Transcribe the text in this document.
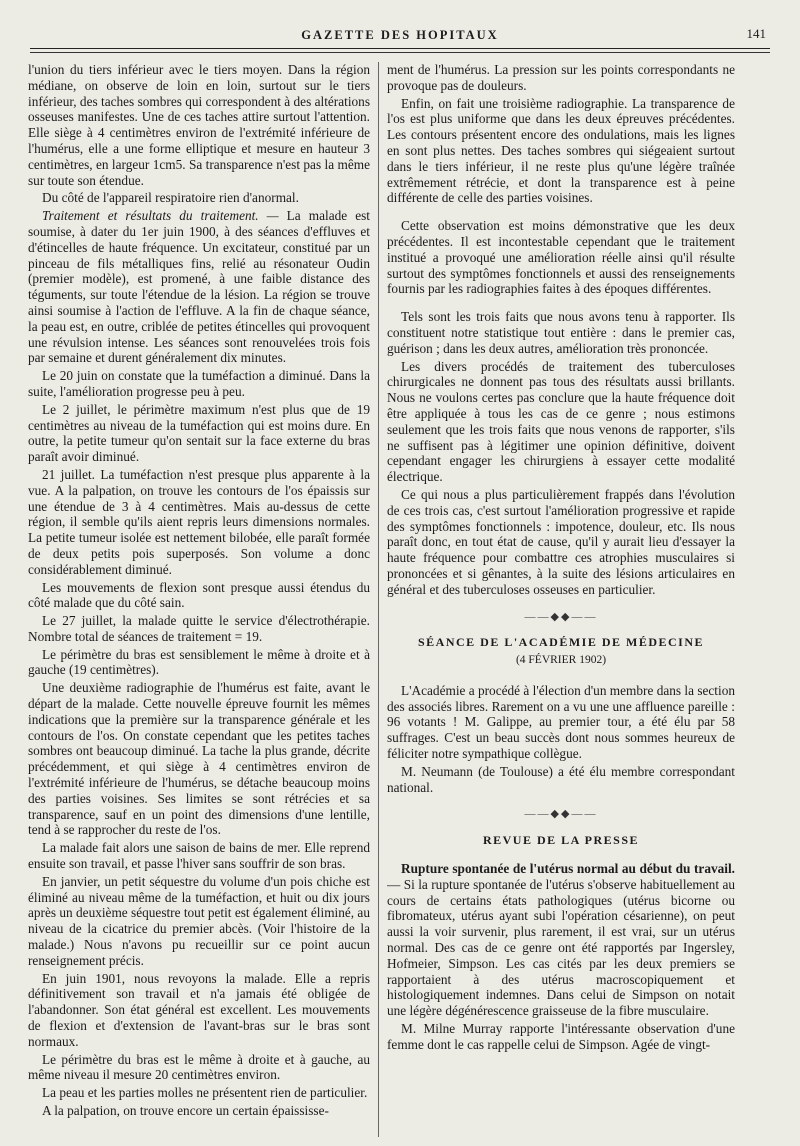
GAZETTE DES HOPITAUX	141

l'union du tiers inférieur avec le tiers moyen. Dans la région médiane, on observe de loin en loin, surtout sur le tiers inférieur, des taches sombres qui correspondent à des altérations osseuses manifestes. Une de ces taches attire surtout l'attention. Elle siège à 4 centimètres environ de l'extrémité inférieure de l'humérus, elle a une forme elliptique et mesure en hauteur 3 centimètres, en largeur 1cm5. Sa transparence n'est pas la même sur toute son étendue.

Du côté de l'appareil respiratoire rien d'anormal.

Traitement et résultats du traitement. — La malade est soumise, à dater du 1er juin 1900, à des séances d'effluves et d'étincelles de haute fréquence. Un excitateur, constitué par un pinceau de fils métalliques fins, relié au résonateur Oudin (premier modèle), est promené, à une faible distance des téguments, sur toute l'étendue de la lésion. La région se trouve ainsi soumise à l'action de l'effluve. A la fin de chaque séance, la peau est, en outre, criblée de petites étincelles qui provoquent une révulsion intense. Les séances sont renouvelées trois fois par semaine et durent généralement dix minutes.

Le 20 juin on constate que la tuméfaction a diminué. Dans la suite, l'amélioration progresse peu à peu.

Le 2 juillet, le périmètre maximum n'est plus que de 19 centimètres au niveau de la tuméfaction qui est moins dure. En outre, la petite tumeur qu'on sentait sur la face externe du bras paraît avoir diminué.

21 juillet. La tuméfaction n'est presque plus apparente à la vue. A la palpation, on trouve les contours de l'os épaissis sur une étendue de 3 à 4 centimètres. Mais au-dessus de cette région, il semble qu'ils aient repris leurs dimensions normales. La petite tumeur isolée est nettement bilobée, elle paraît formée de deux petits pois superposés. Son volume a donc considérablement diminué.

Les mouvements de flexion sont presque aussi étendus du côté malade que du côté sain.

Le 27 juillet, la malade quitte le service d'électrothérapie. Nombre total de séances de traitement = 19.

Le périmètre du bras est sensiblement le même à droite et à gauche (19 centimètres).

Une deuxième radiographie de l'humérus est faite, avant le départ de la malade. Cette nouvelle épreuve fournit les mêmes indications que la première sur la transparence générale et les contours de l'os. On constate cependant que les petites taches sombres ont beaucoup diminué. La tache la plus grande, décrite précédemment, et qui siège à 4 centimètres environ de l'extrémité inférieure de l'humérus, se détache beaucoup moins des parties voisines. Ses limites se sont rétrécies et sa transparence, sauf en un point des dimensions d'une lentille, tend à se rapprocher du reste de l'os.

La malade fait alors une saison de bains de mer. Elle reprend ensuite son travail, et passe l'hiver sans souffrir de son bras.

En janvier, un petit séquestre du volume d'un pois chiche est éliminé au niveau même de la tuméfaction, et huit ou dix jours après un deuxième séquestre tout petit est également éliminé, au niveau de la cicatrice du premier abcès. (Voir l'histoire de la malade.) Nous n'avons pu recueillir sur ce point aucun renseignement précis.

En juin 1901, nous revoyons la malade. Elle a repris définitivement son travail et n'a jamais été obligée de l'abandonner. Son état général est excellent. Les mouvements de flexion et d'extension de l'avant-bras sur le bras sont normaux.

Le périmètre du bras est le même à droite et à gauche, au même niveau il mesure 20 centimètres environ.

La peau et les parties molles ne présentent rien de particulier.

A la palpation, on trouve encore un certain épaississe-

ment de l'humérus. La pression sur les points correspondants ne provoque pas de douleurs.

Enfin, on fait une troisième radiographie. La transparence de l'os est plus uniforme que dans les deux épreuves précédentes. Les contours présentent encore des ondulations, mais les lignes en sont plus nettes. Des taches sombres qui siégeaient surtout dans le tiers inférieur, il ne reste plus qu'une légère traînée extrêmement rétrécie, et dont la transparence est à peine différente de celle des parties voisines.

Cette observation est moins démonstrative que les deux précédentes. Il est incontestable cependant que le traitement institué a provoqué une amélioration réelle ainsi qu'il résulte surtout des symptômes fonctionnels et aussi des renseignements fournis par les radiographies faites à des époques différentes.

Tels sont les trois faits que nous avons tenu à rapporter. Ils constituent notre statistique tout entière : dans le premier cas, guérison ; dans les deux autres, amélioration très prononcée.

Les divers procédés de traitement des tuberculoses chirurgicales ne donnent pas tous des résultats aussi brillants. Nous ne voulons certes pas conclure que la haute fréquence doit être appliquée à tous les cas de ce genre ; nous estimons seulement que les trois faits que nous venons de rapporter, s'ils ne suffisent pas à légitimer une opinion définitive, doivent cependant engager les chirurgiens à essayer cette modalité électrique.

Ce qui nous a plus particulièrement frappés dans l'évolution de ces trois cas, c'est surtout l'amélioration progressive et rapide des symptômes fonctionnels : impotence, douleur, etc. Ils nous paraît donc, en tout état de cause, qu'il y aurait lieu d'essayer la haute fréquence pour combattre ces atrophies musculaires si prononcées et si gênantes, à la suite des lésions articulaires en général et des tuberculoses osseuses en particulier.

——◆◆——
SÉANCE DE L'ACADÉMIE DE MÉDECINE
(4 FÉVRIER 1902)

L'Académie a procédé à l'élection d'un membre dans la section des associés libres. Rarement on a vu une une affluence pareille : 96 votants ! M. Galippe, au premier tour, a été élu par 58 suffrages. C'est un beau succès dont nous sommes heureux de féliciter notre sympathique collègue.

M. Neumann (de Toulouse) a été élu membre correspondant national.

——◆◆——
REVUE DE LA PRESSE

Rupture spontanée de l'utérus normal au début du travail. — Si la rupture spontanée de l'utérus s'observe habituellement au cours de certains états pathologiques (utérus bicorne ou fibromateux, utérus ayant subi l'opération césarienne), on peut aussi la voir survenir, plus rarement, il est vrai, sur un utérus normal. Des cas de ce genre ont été rapportés par Ingersley, Hofmeier, Simpson. Les cas cités par les deux premiers se rapportaient à des utérus macroscopiquement et histologiquement indemnes. Dans celui de Simpson on notait une légère dégénérescence graisseuse de la fibre musculaire.

M. Milne Murray rapporte l'intéressante observation d'une femme dont le cas rappelle celui de Simpson. Agée de vingt-
